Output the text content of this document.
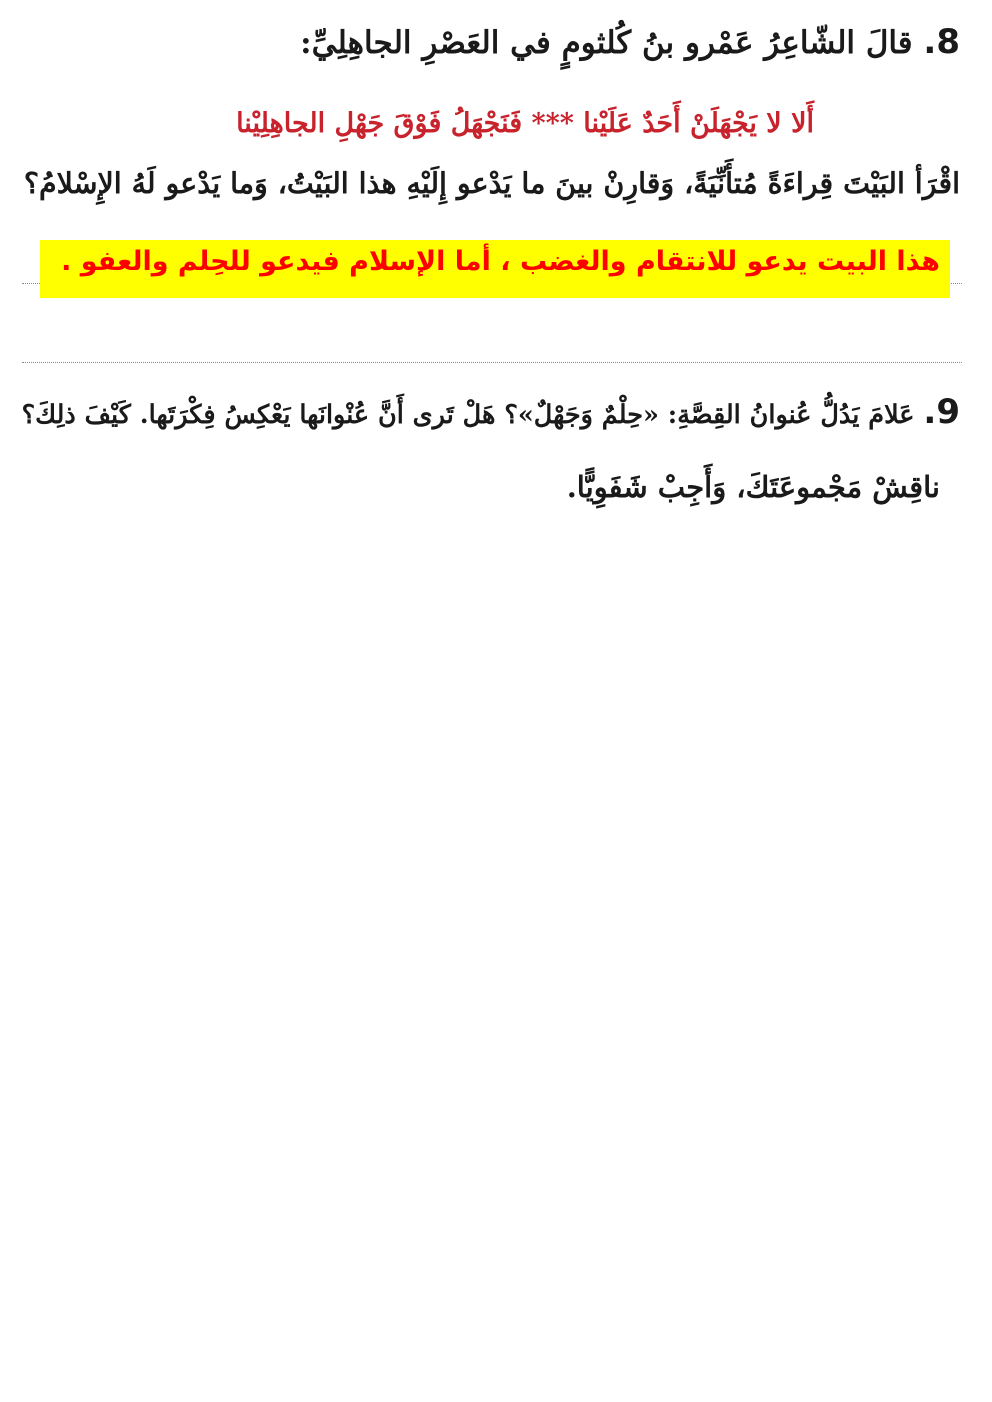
8. قالَ الشّاعِرُ عَمْرو بنُ كُلثومٍ في العَصْرِ الجاهِلِيِّ:
أَلا لا يَجْهَلَنْ أَحَدٌ عَلَيْنا *** فَنَجْهَلُ فَوْقَ جَهْلِ الجاهِلِيْنا
اقْرَأ البَيْتَ قِراءَةً مُتأَنِّيَةً، وَقارِنْ بينَ ما يَدْعو إِلَيْهِ هذا البَيْتُ، وَما يَدْعو لَهُ الإِسْلامُ؟
هذا البيت يدعو للانتقام والغضب ، أما الإسلام فيدعو للحِلم والعفو .
9. عَلامَ يَدُلُّ عُنوانُ القِصَّةِ: «حِلْمٌ وَجَهْلٌ»؟ هَلْ تَرى أَنَّ عُنْوانَها يَعْكِسُ فِكْرَتَها. كَيْفَ ذلِكَ؟
ناقِشْ مَجْموعَتَكَ، وَأَجِبْ شَفَوِيًّا.
